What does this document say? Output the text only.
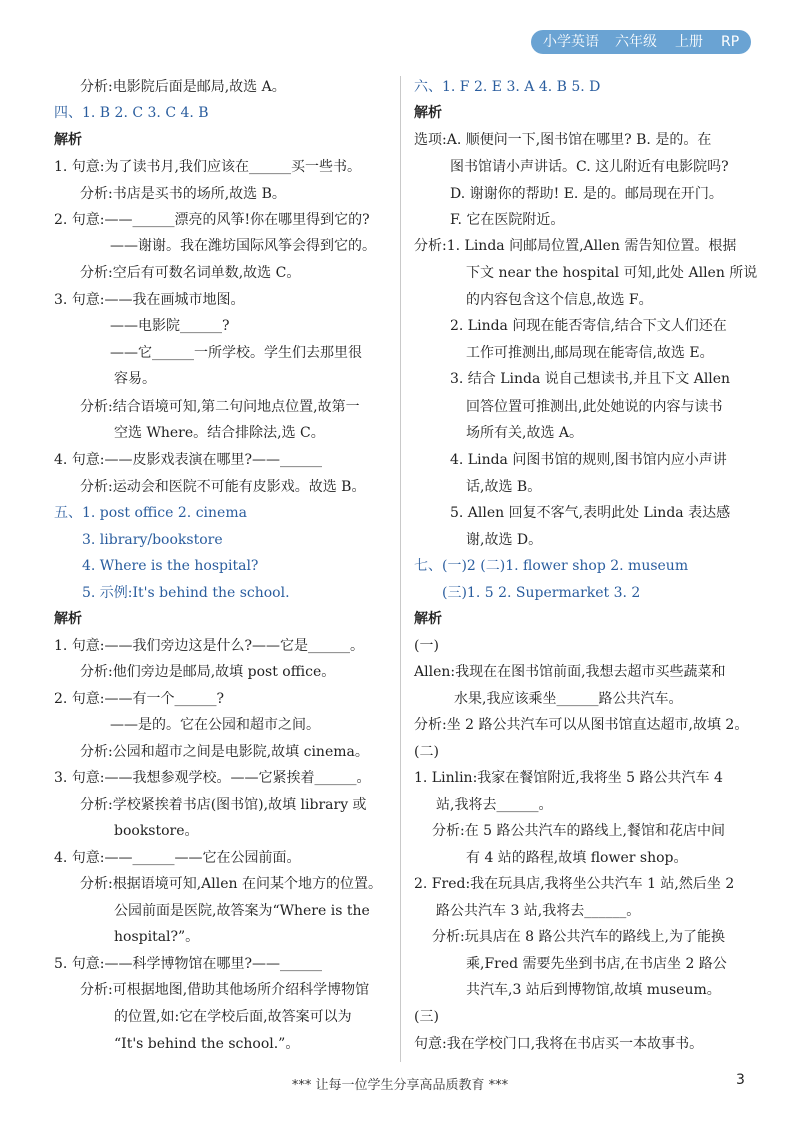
小学英语 六年级 上册 RP
分析:电影院后面是邮局,故选 A。
四、1. B 2. C 3. C 4. B
解析
1. 句意:为了读书月,我们应该在______买一些书。
分析:书店是买书的场所,故选 B。
2. 句意:——______漂亮的风筝!你在哪里得到它的?
——谢谢。我在潍坊国际风筝会得到它的。
分析:空后有可数名词单数,故选 C。
3. 句意:——我在画城市地图。
——电影院______?
——它______一所学校。学生们去那里很
容易。
分析:结合语境可知,第二句问地点位置,故第一
空选 Where。结合排除法,选 C。
4. 句意:——皮影戏表演在哪里?——______
分析:运动会和医院不可能有皮影戏。故选 B。
五、1. post office 2. cinema
3. library/bookstore
4. Where is the hospital?
5. 示例:It's behind the school.
解析
1. 句意:——我们旁边这是什么?——它是______。
分析:他们旁边是邮局,故填 post office。
2. 句意:——有一个______?
——是的。它在公园和超市之间。
分析:公园和超市之间是电影院,故填 cinema。
3. 句意:——我想参观学校。——它紧挨着______。
分析:学校紧挨着书店(图书馆),故填 library 或
bookstore。
4. 句意:——______——它在公园前面。
分析:根据语境可知,Allen 在问某个地方的位置。
公园前面是医院,故答案为“Where is the
hospital?”。
5. 句意:——科学博物馆在哪里?——______
分析:可根据地图,借助其他场所介绍科学博物馆
的位置,如:它在学校后面,故答案可以为
“It's behind the school.”。
六、1. F 2. E 3. A 4. B 5. D
解析
选项:A. 顺便问一下,图书馆在哪里? B. 是的。在
图书馆请小声讲话。C. 这儿附近有电影院吗?
D. 谢谢你的帮助! E. 是的。邮局现在开门。
F. 它在医院附近。
分析:1. Linda 问邮局位置,Allen 需告知位置。根据
下文 near the hospital 可知,此处 Allen 所说
的内容包含这个信息,故选 F。
2. Linda 问现在能否寄信,结合下文人们还在
工作可推测出,邮局现在能寄信,故选 E。
3. 结合 Linda 说自己想读书,并且下文 Allen
回答位置可推测出,此处她说的内容与读书
场所有关,故选 A。
4. Linda 问图书馆的规则,图书馆内应小声讲
话,故选 B。
5. Allen 回复不客气,表明此处 Linda 表达感
谢,故选 D。
七、(一)2 (二)1. flower shop 2. museum
(三)1. 5 2. Supermarket 3. 2
解析
(一)
Allen:我现在在图书馆前面,我想去超市买些蔬菜和
水果,我应该乘坐______路公共汽车。
分析:坐 2 路公共汽车可以从图书馆直达超市,故填 2。
(二)
1. Linlin:我家在餐馆附近,我将坐 5 路公共汽车 4
站,我将去______。
分析:在 5 路公共汽车的路线上,餐馆和花店中间
有 4 站的路程,故填 flower shop。
2. Fred:我在玩具店,我将坐公共汽车 1 站,然后坐 2
路公共汽车 3 站,我将去______。
分析:玩具店在 8 路公共汽车的路线上,为了能换
乘,Fred 需要先坐到书店,在书店坐 2 路公
共汽车,3 站后到博物馆,故填 museum。
(三)
句意:我在学校门口,我将在书店买一本故事书。
*** 让每一位学生分享高品质教育 ***	3
